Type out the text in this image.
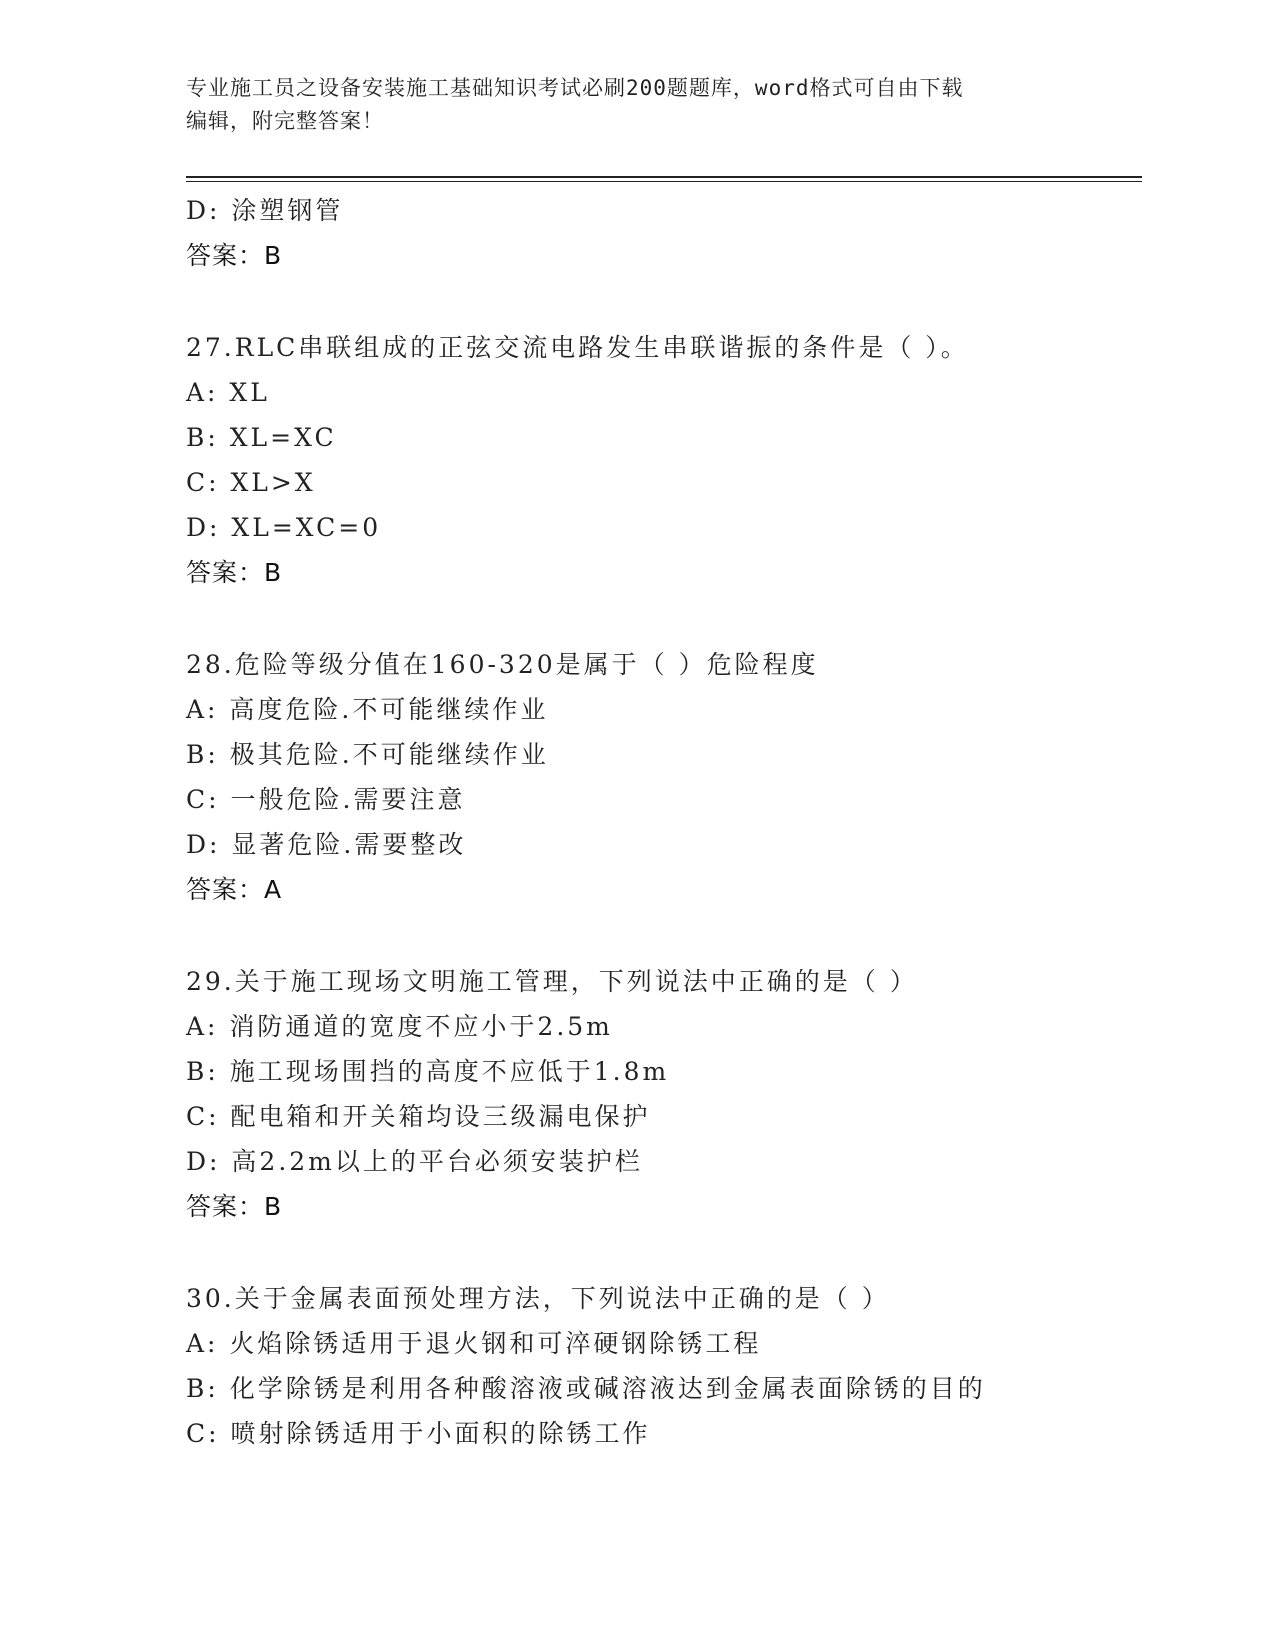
专业施工员之设备安装施工基础知识考试必刷200题题库，word格式可自由下载
编辑，附完整答案！
D: 涂塑钢管
答案：B
27.RLC串联组成的正弦交流电路发生串联谐振的条件是（ ）。
A: XL
B: XL=XC
C: XL>X
D: XL=XC=0
答案：B
28.危险等级分值在160-320是属于（ ）危险程度
A: 高度危险.不可能继续作业
B: 极其危险.不可能继续作业
C: 一般危险.需要注意
D: 显著危险.需要整改
答案：A
29.关于施工现场文明施工管理，下列说法中正确的是（ ）
A: 消防通道的宽度不应小于2.5m
B: 施工现场围挡的高度不应低于1.8m
C: 配电箱和开关箱均设三级漏电保护
D: 高2.2m以上的平台必须安装护栏
答案：B
30.关于金属表面预处理方法，下列说法中正确的是（ ）
A: 火焰除锈适用于退火钢和可淬硬钢除锈工程
B: 化学除锈是利用各种酸溶液或碱溶液达到金属表面除锈的目的
C: 喷射除锈适用于小面积的除锈工作
